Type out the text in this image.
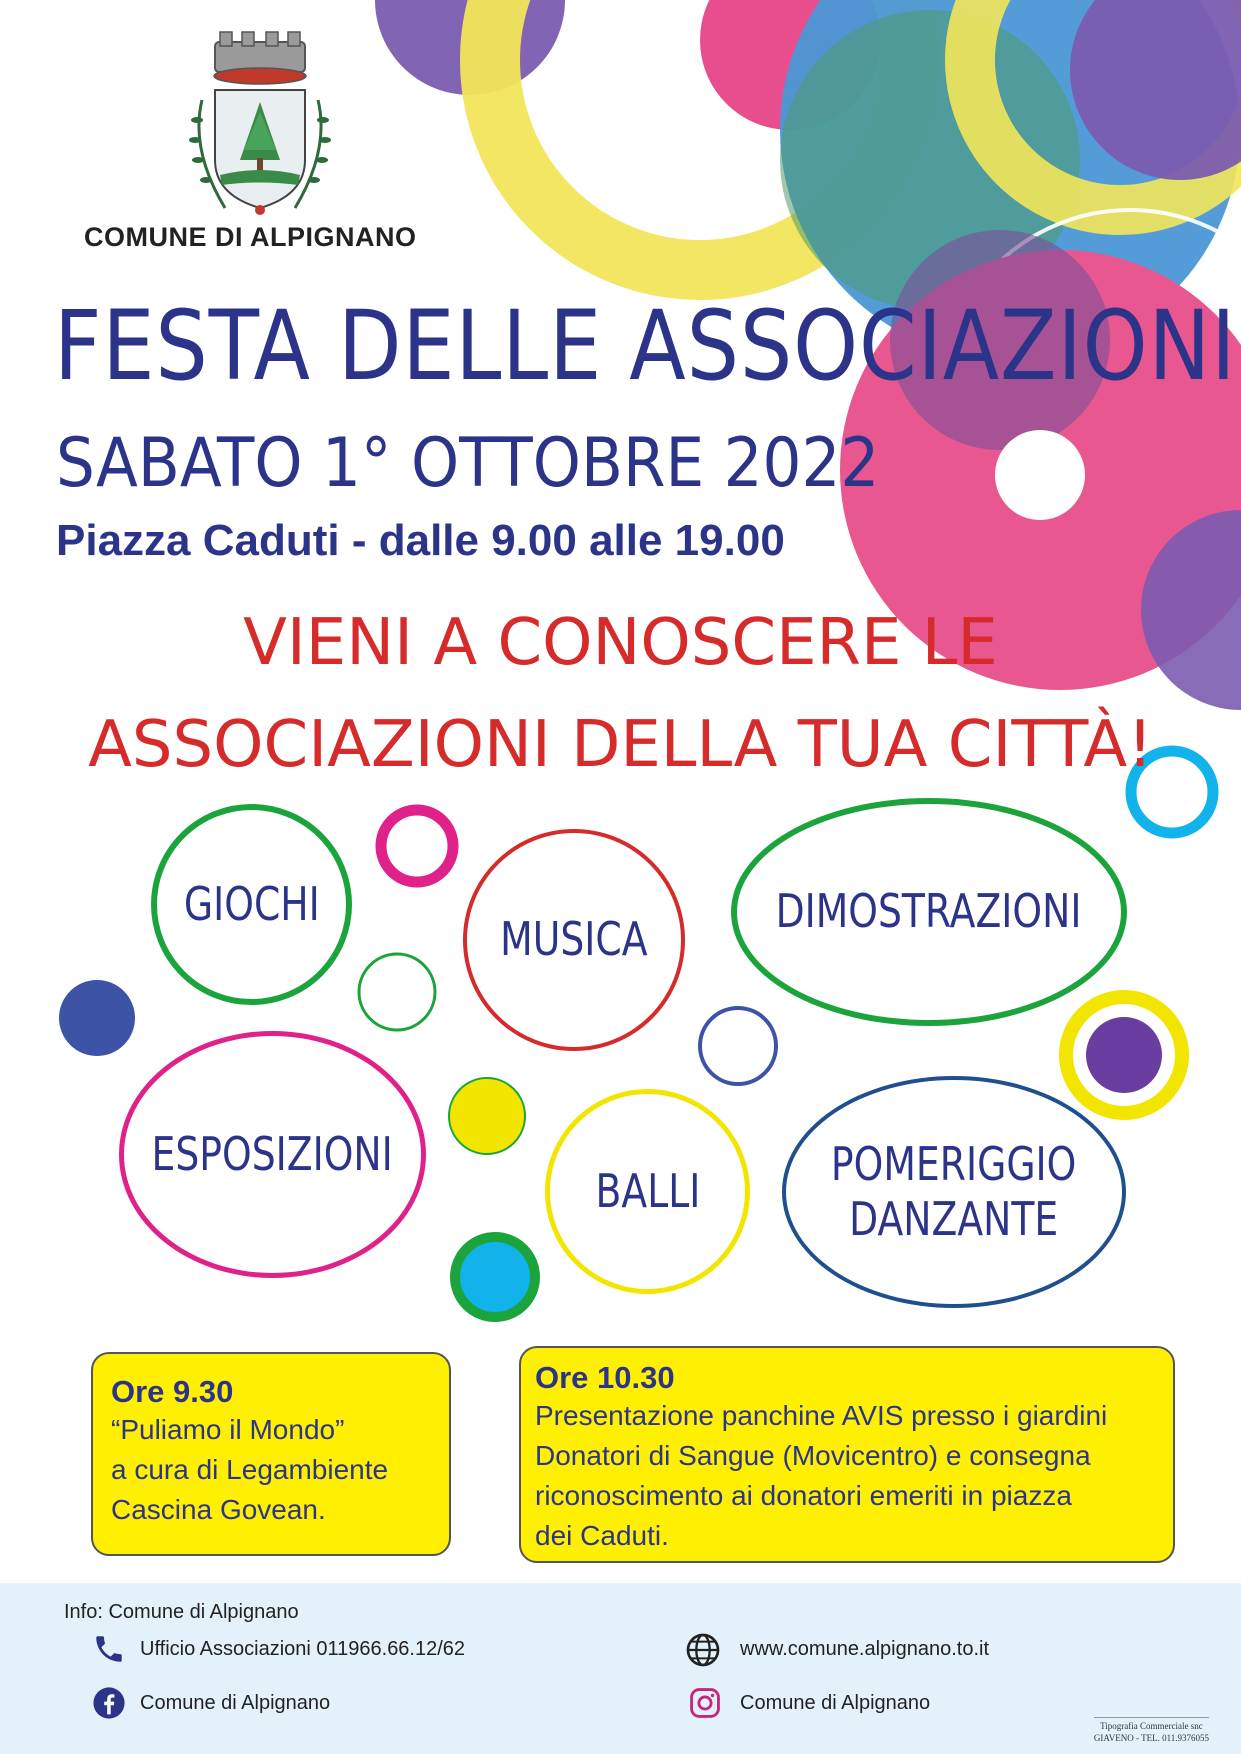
COMUNE DI ALPIGNANO
FESTA DELLE ASSOCIAZIONI
SABATO 1° OTTOBRE 2022
Piazza Caduti - dalle 9.00 alle 19.00
VIENI A CONOSCERE LE
ASSOCIAZIONI DELLA TUA CITTÀ!
GIOCHI
MUSICA
DIMOSTRAZIONI
ESPOSIZIONI
BALLI
POMERIGGIO
DANZANTE
Ore 9.30
“Puliamo il Mondo”
a cura di Legambiente
Cascina Govean.
Ore 10.30
Presentazione panchine AVIS presso i giardini
Donatori di Sangue (Movicentro) e consegna
riconoscimento ai donatori emeriti in piazza
dei Caduti.
Info: Comune di Alpignano
Ufficio Associazioni 011966.66.12/62	www.comune.alpignano.to.it
Comune di Alpignano	Comune di Alpignano
Tipografia Commerciale snc
GIAVENO - TEL. 011.9376055
